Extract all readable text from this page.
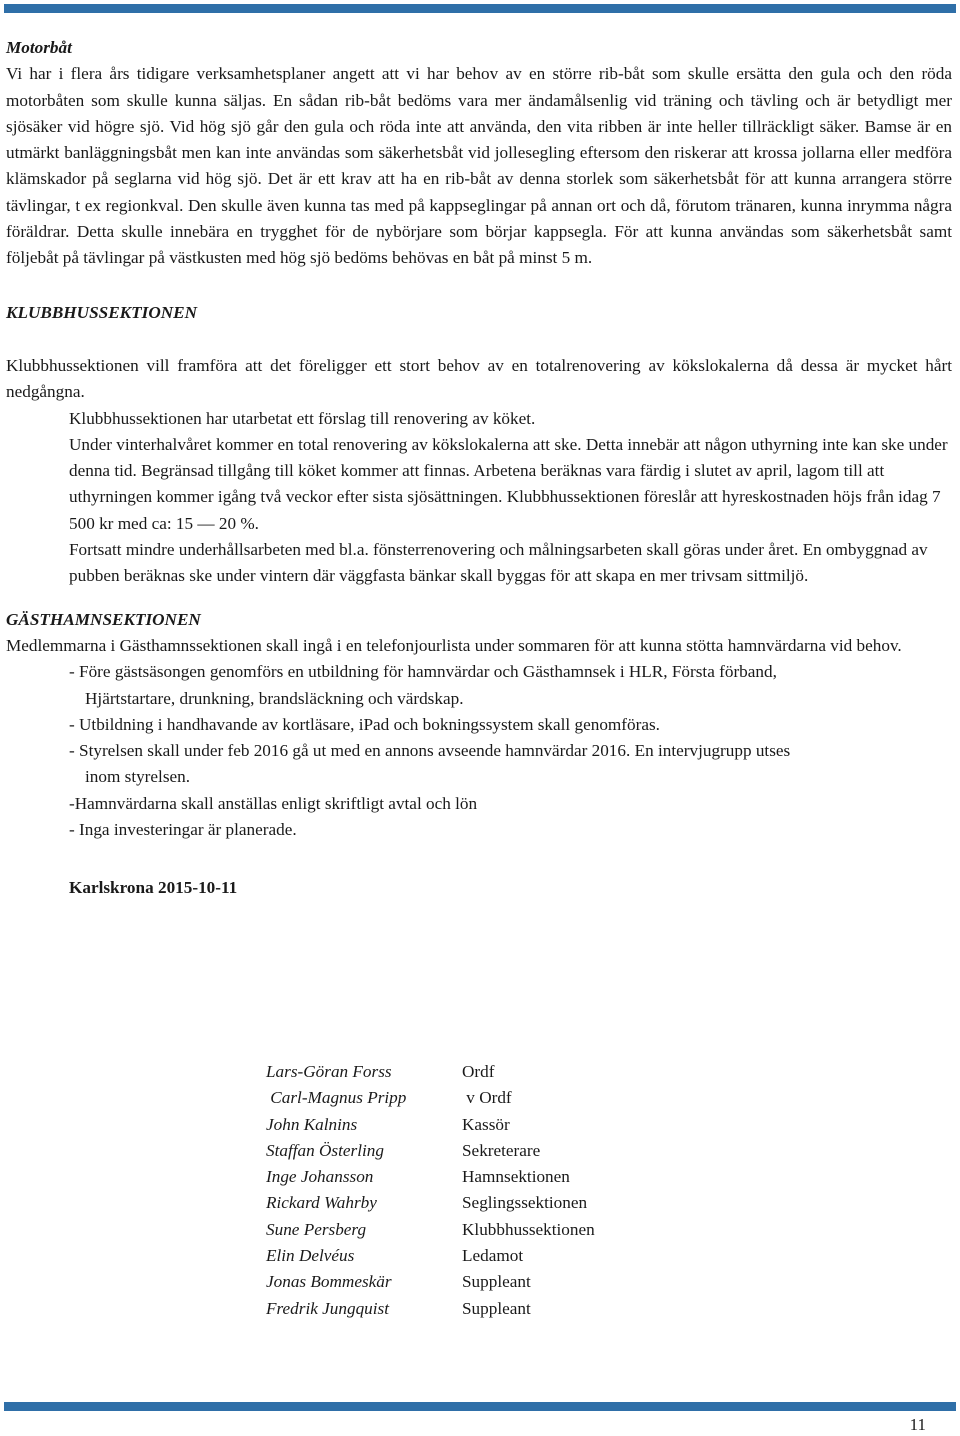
Motorbåt

Vi har i flera års tidigare verksamhetsplaner angett att vi har behov av en större rib-båt som skulle ersätta den gula och den röda motorbåten som skulle kunna säljas. En sådan rib-båt bedöms vara mer ändamålsenlig vid träning och tävling och är betydligt mer sjösäker vid högre sjö. Vid hög sjö går den gula och röda inte att använda, den vita ribben är inte heller tillräckligt säker. Bamse är en utmärkt banläggningsbåt men kan inte användas som säkerhetsbåt vid jollesegling eftersom den riskerar att krossa jollarna eller medföra klämskador på seglarna vid hög sjö. Det är ett krav att ha en rib-båt av denna storlek som säkerhetsbåt för att kunna arrangera större tävlingar, t ex regionkval. Den skulle även kunna tas med på kappseglingar på annan ort och då, förutom tränaren, kunna inrymma några föräldrar. Detta skulle innebära en trygghet för de nybörjare som börjar kappsegla. För att kunna användas som säkerhetsbåt samt följebåt på tävlingar på västkusten med hög sjö bedöms behövas en båt på minst 5 m.

KLUBBHUSSEKTIONEN

Klubbhussektionen vill framföra att det föreligger ett stort behov av en totalrenovering av kökslokalerna då dessa är mycket hårt nedgångna.

Klubbhussektionen har utarbetat ett förslag till renovering av köket.

Under vinterhalvåret kommer en total renovering av kökslokalerna att ske. Detta innebär att någon uthyrning inte kan ske under denna tid. Begränsad tillgång till köket kommer att finnas. Arbetena beräknas vara färdig i slutet av april, lagom till att uthyrningen kommer igång två veckor efter sista sjösättningen. Klubbhussektionen föreslår att hyreskostnaden höjs från idag 7 500 kr med ca: 15 — 20 %.

Fortsatt mindre underhållsarbeten med bl.a. fönsterrenovering och målningsarbeten skall göras under året. En ombyggnad av pubben beräknas ske under vintern där väggfasta bänkar skall byggas för att skapa en mer trivsam sittmiljö.

GÄSTHAMNSEKTIONEN

Medlemmarna i Gästhamnssektionen skall ingå i en telefonjourlista under sommaren för att kunna stötta hamnvärdarna vid behov.

- Före gästsäsongen genomförs en utbildning för hamnvärdar och Gästhamnsek i HLR, Första förband,
Hjärtstartare, drunkning, brandsläckning och värdskap.
- Utbildning i handhavande av kortläsare, iPad och bokningssystem skall genomföras.
- Styrelsen skall under feb 2016 gå ut med en annons avseende hamnvärdar 2016. En intervjugrupp utses
inom styrelsen.
-Hamnvärdarna skall anställas enligt skriftligt avtal och lön
- Inga investeringar är planerade.

Karlskrona 2015-10-11

Lars-Göran Forss	Ordf
Carl-Magnus Pripp	v Ordf
John Kalnins	Kassör
Staffan Österling	Sekreterare
Inge Johansson	Hamnsektionen
Rickard Wahrby	Seglingssektionen
Sune Persberg	Klubbhussektionen
Elin Delvéus	Ledamot
Jonas Bommeskär	Suppleant
Fredrik Jungquist	Suppleant
11
